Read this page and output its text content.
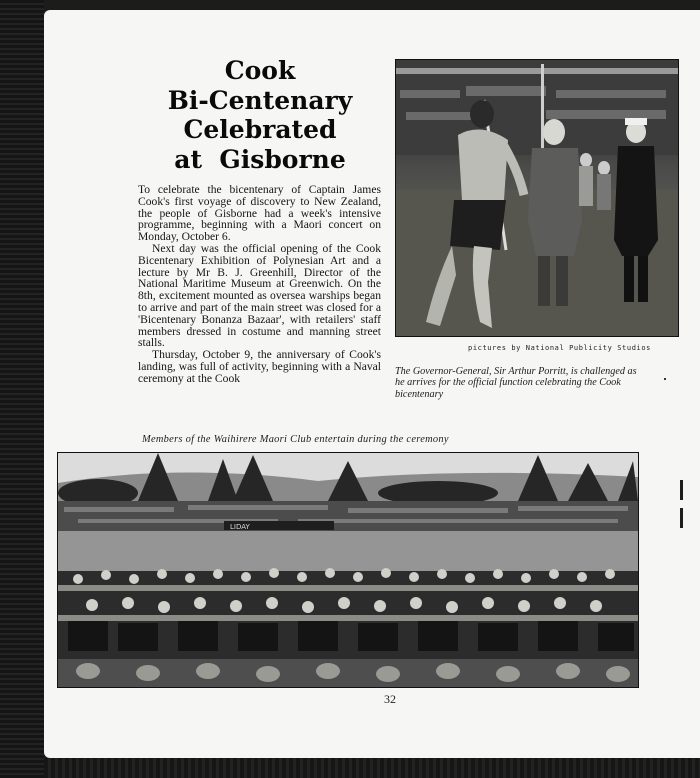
Cook
Bi-Centenary
Celebrated
at  Gisborne

To celebrate the bicentenary of Captain James Cook's first voyage of discovery to New Zealand, the people of Gisborne had a week's intensive programme, beginning with a Maori concert on Monday, October 6.

Next day was the official opening of the Cook Bicentenary Exhibition of Polynesian Art and a lecture by Mr B. J. Greenhill, Director of the National Maritime Museum at Greenwich. On the 8th, excitement mounted as oversea warships began to arrive and part of the main street was closed for a 'Bicentenary Bonanza Bazaar', with retailers' staff members dressed in costume and manning street stalls.

Thursday, October 9, the anniversary of Cook's landing, was full of activity, beginning with a Naval ceremony at the Cook

pictures by National Publicity Studios
The Governor-General, Sir Arthur Porritt, is challenged as he arrives for the official function celebrating the Cook bicentenary
Members of the Waihirere Maori Club entertain during the ceremony
LIDAY
32
